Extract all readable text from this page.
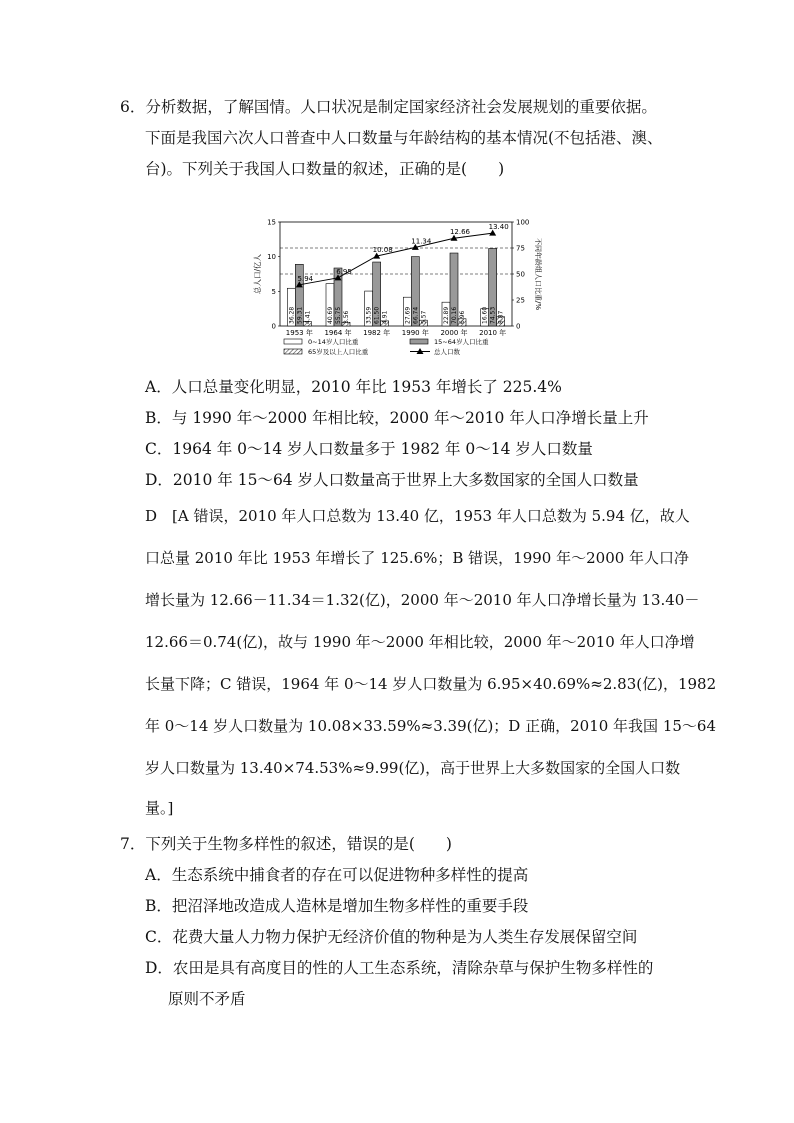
6．分析数据，了解国情。人口状况是制定国家经济社会发展规划的重要依据。
下面是我国六次人口普查中人口数量与年龄结构的基本情况(不包括港、澳、
台)。下列关于我国人口数量的叙述，正确的是(　　)
36.28 59.31 4.41	40.69 55.75 3.56	33.59 61.50 4.91	27.69 66.74 5.57	22.89 70.16 6.96	16.60 74.53 8.87
5.94
6.95
10.08
11.34
12.66
13.40
0
5
10
15
0
25
50
75
100
总人口/亿人	不同年龄组人口比重/%
1953 年 1964 年 1982 年 1990 年 2000 年 2010 年
0~14岁人口比重	15~64岁人口比重
65岁及以上人口比重	总人口数
A．人口总量变化明显，2010 年比 1953 年增长了 225.4%
B．与 1990 年～2000 年相比较，2000 年～2010 年人口净增长量上升
C．1964 年 0～14 岁人口数量多于 1982 年 0～14 岁人口数量
D．2010 年 15～64 岁人口数量高于世界上大多数国家的全国人口数量
D　[A 错误，2010 年人口总数为 13.40 亿，1953 年人口总数为 5.94 亿，故人
口总量 2010 年比 1953 年增长了 125.6%；B 错误，1990 年～2000 年人口净
增长量为 12.66－11.34＝1.32(亿)，2000 年～2010 年人口净增长量为 13.40－
12.66＝0.74(亿)，故与 1990 年～2000 年相比较，2000 年～2010 年人口净增
长量下降；C 错误，1964 年 0～14 岁人口数量为 6.95×40.69%≈2.83(亿)，1982
年 0～14 岁人口数量为 10.08×33.59%≈3.39(亿)；D 正确，2010 年我国 15～64
岁人口数量为 13.40×74.53%≈9.99(亿)，高于世界上大多数国家的全国人口数
量。]
7．下列关于生物多样性的叙述，错误的是(　　)
A．生态系统中捕食者的存在可以促进物种多样性的提高
B．把沼泽地改造成人造林是增加生物多样性的重要手段
C．花费大量人力物力保护无经济价值的物种是为人类生存发展保留空间
D．农田是具有高度目的性的人工生态系统，清除杂草与保护生物多样性的
原则不矛盾
